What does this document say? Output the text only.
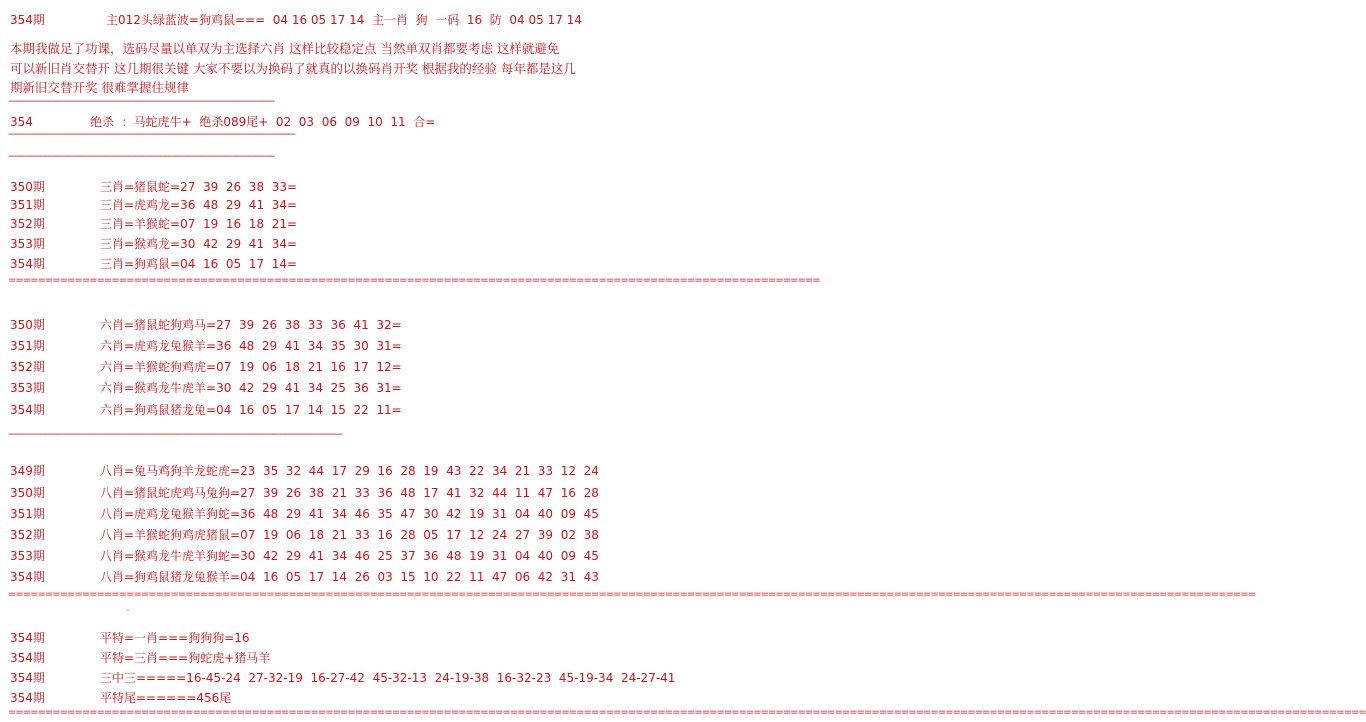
354期	主012头绿蓝波=狗鸡鼠===  04 16 05 17 14  主一肖  狗  一码  16  防  04 05 17 14
本期我做足了功课，选码尽量以单双为主选择六肖 这样比较稳定点 当然单双肖都要考虑 这样就避免
可以新旧肖交替开 这几期很关键 大家不要以为换码了就真的以换码肖开奖 根据我的经验 每年都是这几
期新旧交替开奖 很难掌握住规律
------------------------------------------------------------------------------------------------------
354	绝杀  ：马蛇虎牛+  绝杀089尾+  02  03  06  09  10  11  合=
--------------------------------------------------------------------------------------------------------------
------------------------------------------------------------------------------------------------------
350期	三肖=猪鼠蛇=27  39  26  38  33=
351期	三肖=虎鸡龙=36  48  29  41  34=
352期	三肖=羊猴蛇=07  19  16  18  21=
353期	三肖=猴鸡龙=30  42  29  41  34=
354期	三肖=狗鸡鼠=04  16  05  17  14=
==============================================================================================================
350期	六肖=猪鼠蛇狗鸡马=27  39  26  38  33  36  41  32=
351期	六肖=虎鸡龙兔猴羊=36  48  29  41  34  35  30  31=
352期	六肖=羊猴蛇狗鸡虎=07  19  06  18  21  16  17  12=
353期	六肖=猴鸡龙牛虎羊=30  42  29  41  34  25  36  31=
354期	六肖=狗鸡鼠猪龙兔=04  16  05  17  14  15  22  11=
--------------------------------------------------------------------------------------------------------------------------------
349期	八肖=兔马鸡狗羊龙蛇虎=23  35  32  44  17  29  16  28  19  43  22  34  21  33  12  24
350期	八肖=猪鼠蛇虎鸡马兔狗=27  39  26  38  21  33  36  48  17  41  32  44  11  47  16  28
351期	八肖=虎鸡龙兔猴羊狗蛇=36  48  29  41  34  46  35  47  30  42  19  31  04  40  09  45
352期	八肖=羊猴蛇狗鸡虎猪鼠=07  19  06  18  21  33  16  28  05  17  12  24  27  39  02  38
353期	八肖=猴鸡龙牛虎羊狗蛇=30  42  29  41  34  46  25  37  36  48  19  31  04  40  09  45
354期	八肖=狗鸡鼠猪龙兔猴羊=04  16  05  17  14  26  03  15  10  22  11  47  06  42  31  43
=========================================================================================================================================================================
354期	平特=一肖===狗狗狗=16
354期	平特=三肖===狗蛇虎+猪马羊
354期	三中三=====16-45-24  27-32-19  16-27-42  45-32-13  24-19-38  16-32-23  45-19-34  24-27-41
354期	平特尾======456尾
========================================================================================================================================================================================
